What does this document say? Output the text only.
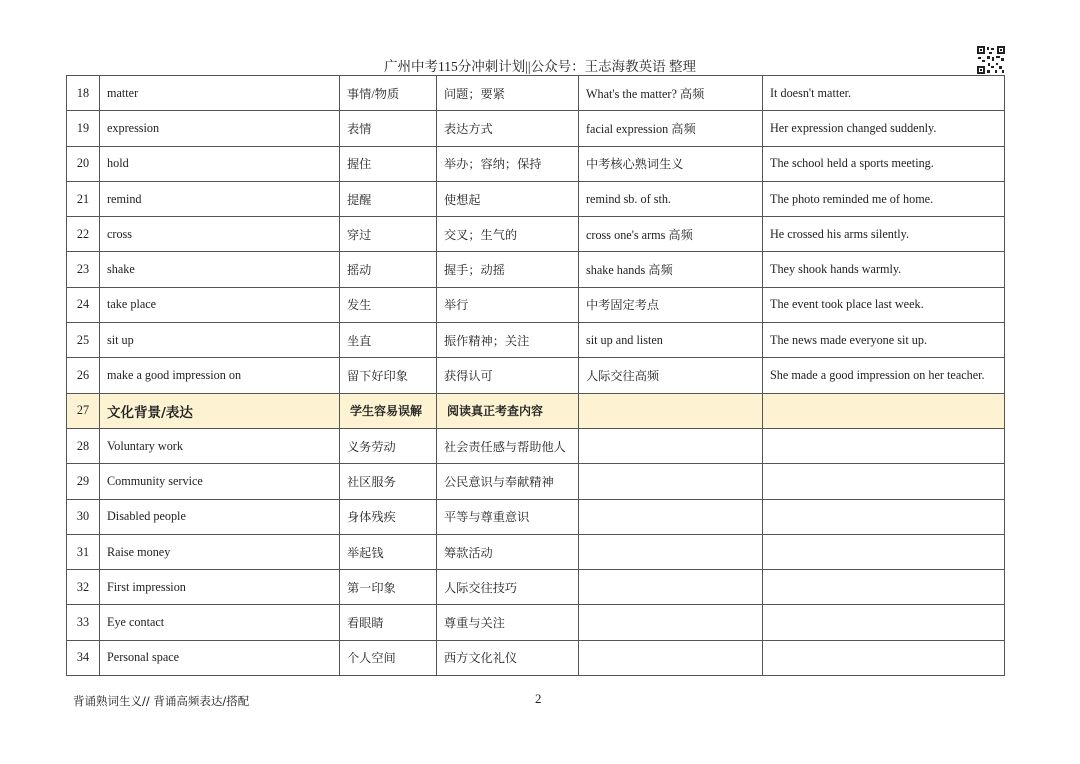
广州中考115分冲刺计划||公众号：王志海教英语 整理
18	matter	事情/物质	问题；要紧	What's the matter? 高频	It doesn't matter.
19	expression	表情	表达方式	facial expression 高频	Her expression changed suddenly.
20	hold	握住	举办；容纳；保持	中考核心熟词生义	The school held a sports meeting.
21	remind	提醒	使想起	remind sb. of sth.	The photo reminded me of home.
22	cross	穿过	交叉；生气的	cross one's arms 高频	He crossed his arms silently.
23	shake	摇动	握手；动摇	shake hands 高频	They shook hands warmly.
24	take place	发生	举行	中考固定考点	The event took place last week.
25	sit up	坐直	振作精神；关注	sit up and listen	The news made everyone sit up.
26	make a good impression on	留下好印象	获得认可	人际交往高频	She made a good impression on her teacher.
27	文化背景/表达	学生容易误解	阅读真正考查内容		
28	Voluntary work	义务劳动	社会责任感与帮助他人		
29	Community service	社区服务	公民意识与奉献精神		
30	Disabled people	身体残疾	平等与尊重意识		
31	Raise money	举起钱	筹款活动		
32	First impression	第一印象	人际交往技巧		
33	Eye contact	看眼睛	尊重与关注		
34	Personal space	个人空间	西方文化礼仪		
背诵熟词生义// 背诵高频表达/搭配	2
